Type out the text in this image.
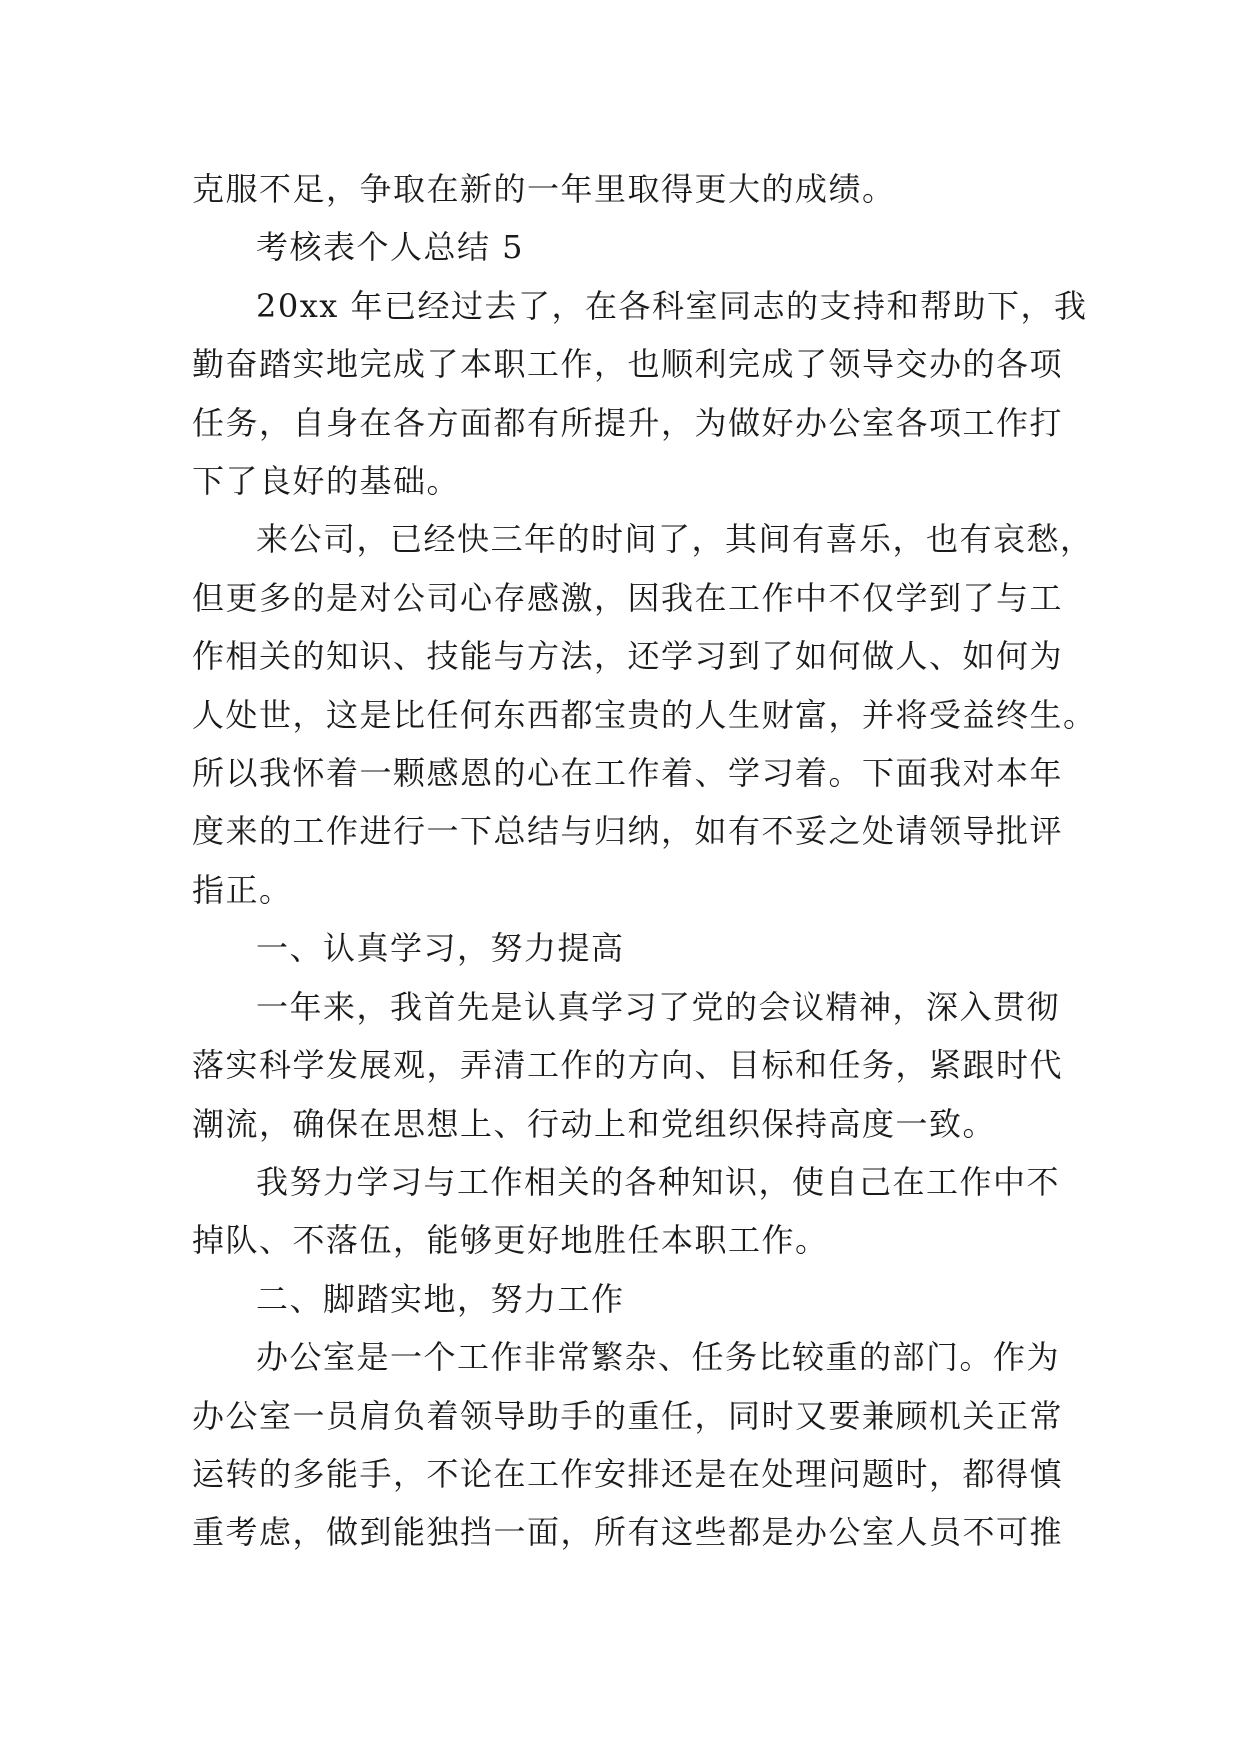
克服不足，争取在新的一年里取得更大的成绩。
考核表个人总结 5
20xx 年已经过去了，在各科室同志的支持和帮助下，我
勤奋踏实地完成了本职工作，也顺利完成了领导交办的各项
任务，自身在各方面都有所提升，为做好办公室各项工作打
下了良好的基础。
来公司，已经快三年的时间了，其间有喜乐，也有哀愁，
但更多的是对公司心存感激，因我在工作中不仅学到了与工
作相关的知识、技能与方法，还学习到了如何做人、如何为
人处世，这是比任何东西都宝贵的人生财富，并将受益终生。
所以我怀着一颗感恩的心在工作着、学习着。下面我对本年
度来的工作进行一下总结与归纳，如有不妥之处请领导批评
指正。
一、认真学习，努力提高
一年来，我首先是认真学习了党的会议精神，深入贯彻
落实科学发展观，弄清工作的方向、目标和任务，紧跟时代
潮流，确保在思想上、行动上和党组织保持高度一致。
我努力学习与工作相关的各种知识，使自己在工作中不
掉队、不落伍，能够更好地胜任本职工作。
二、脚踏实地，努力工作
办公室是一个工作非常繁杂、任务比较重的部门。作为
办公室一员肩负着领导助手的重任，同时又要兼顾机关正常
运转的多能手，不论在工作安排还是在处理问题时，都得慎
重考虑，做到能独挡一面，所有这些都是办公室人员不可推
